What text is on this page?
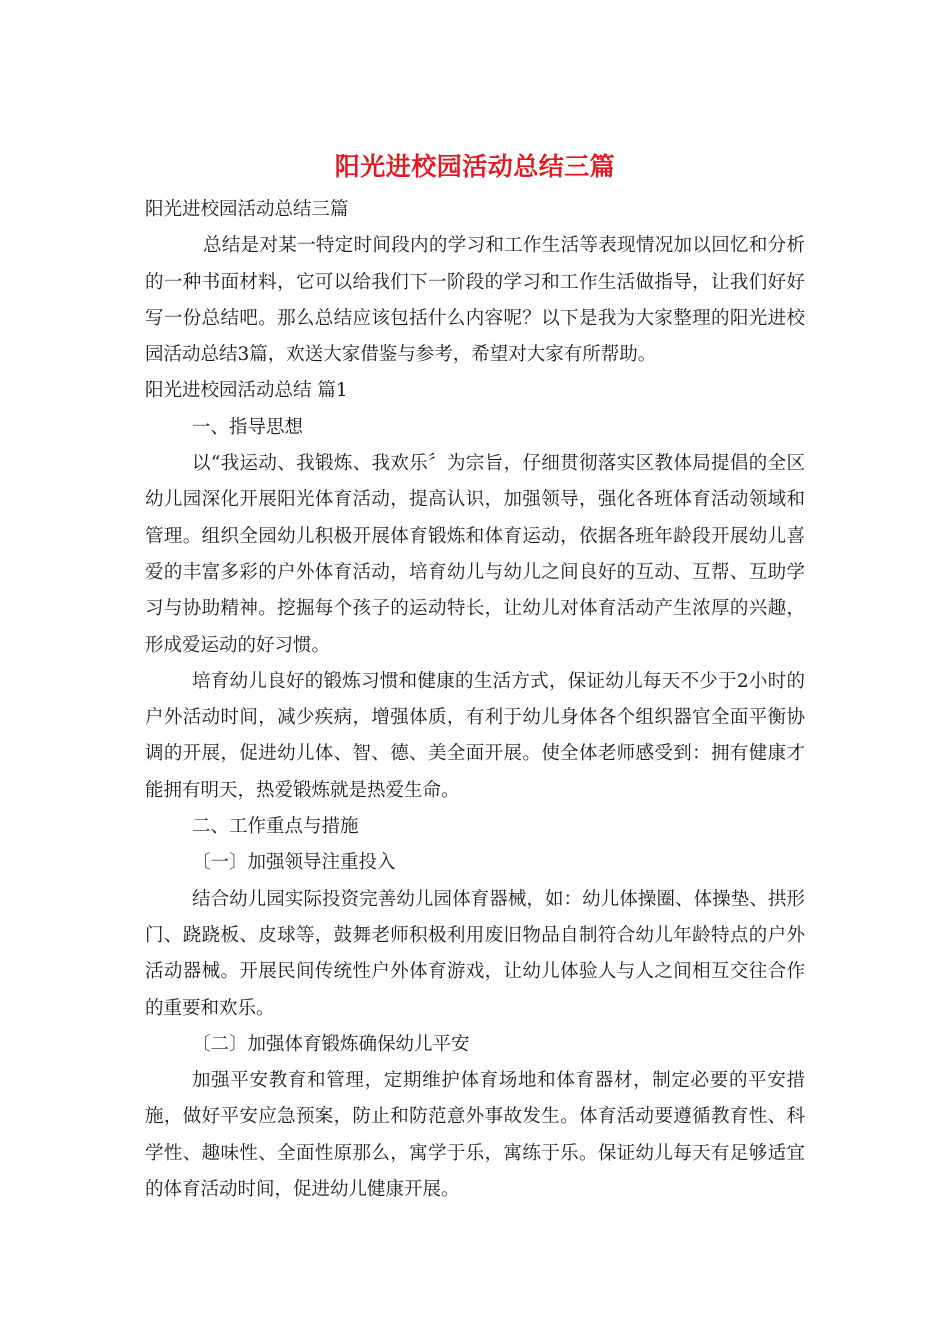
阳光进校园活动总结三篇

阳光进校园活动总结三篇

总结是对某一特定时间段内的学习和工作生活等表现情况加以回忆和分析的一种书面材料，它可以给我们下一阶段的学习和工作生活做指导，让我们好好写一份总结吧。那么总结应该包括什么内容呢？以下是我为大家整理的阳光进校园活动总结3篇，欢送大家借鉴与参考，希望对大家有所帮助。

阳光进校园活动总结 篇1

一、指导思想

以“我运动、我锻炼、我欢乐〞为宗旨，仔细贯彻落实区教体局提倡的全区幼儿园深化开展阳光体育活动，提高认识，加强领导，强化各班体育活动领域和管理。组织全园幼儿积极开展体育锻炼和体育运动，依据各班年龄段开展幼儿喜爱的丰富多彩的户外体育活动，培育幼儿与幼儿之间良好的互动、互帮、互助学习与协助精神。挖掘每个孩子的运动特长，让幼儿对体育活动产生浓厚的兴趣，形成爱运动的好习惯。

培育幼儿良好的锻炼习惯和健康的生活方式，保证幼儿每天不少于2小时的户外活动时间，减少疾病，增强体质，有利于幼儿身体各个组织器官全面平衡协调的开展，促进幼儿体、智、德、美全面开展。使全体老师感受到：拥有健康才能拥有明天，热爱锻炼就是热爱生命。

二、工作重点与措施

〔一〕加强领导注重投入

结合幼儿园实际投资完善幼儿园体育器械，如：幼儿体操圈、体操垫、拱形门、跷跷板、皮球等，鼓舞老师积极利用废旧物品自制符合幼儿年龄特点的户外活动器械。开展民间传统性户外体育游戏，让幼儿体验人与人之间相互交往合作的重要和欢乐。

〔二〕加强体育锻炼确保幼儿平安

加强平安教育和管理，定期维护体育场地和体育器材，制定必要的平安措施，做好平安应急预案，防止和防范意外事故发生。体育活动要遵循教育性、科学性、趣味性、全面性原那么，寓学于乐，寓练于乐。保证幼儿每天有足够适宜的体育活动时间，促进幼儿健康开展。
